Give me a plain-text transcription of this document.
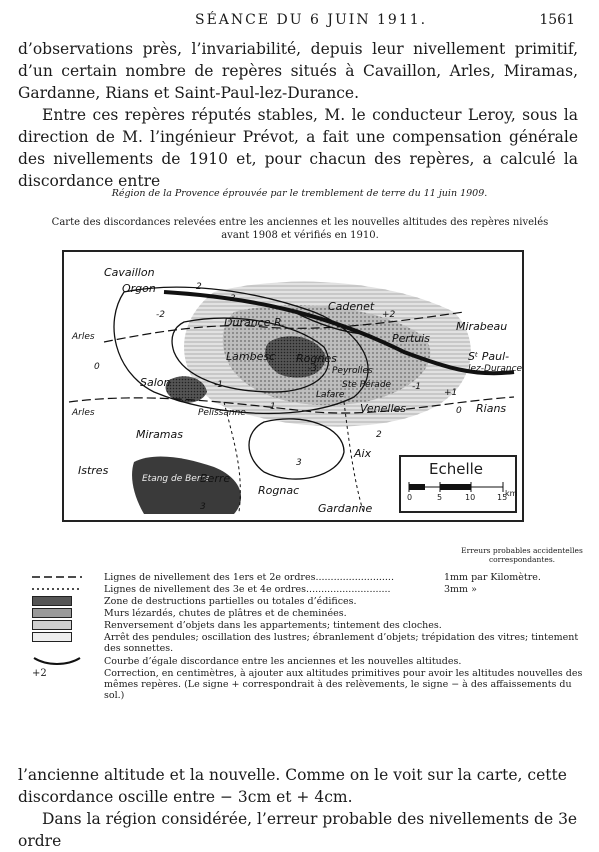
SÉANCE DU 6 JUIN 1911.	1561

d’observations près, l’invariabilité, depuis leur nivellement primitif, d’un certain nombre de repères situés à Cavaillon, Arles, Miramas, Gardanne, Rians et Saint-Paul-lez-Durance.

Entre ces repères réputés stables, M. le conducteur Leroy, sous la direction de M. l’ingénieur Prévot, a fait une compensation générale des nivellements de 1910 et, pour chacun des repères, a calculé la discordance entre

Région de la Provence éprouvée par le tremblement de terre du 11 juin 1909.
Carte des discordances relevées entre les anciennes et les nouvelles altitudes des repères nivelés avant 1908 et vérifiés en 1910.
Cavaillon
Orgon
Cadenet
Mirabeau
Pertuis
Durance R.
Arles
Lambesc Rognes
Peyrolles
Sᵗ Paul-
lez-Durance
Salon	Ste Pérade
Lafare
Pelissanne	Venelles	Rians
Arles
Miramas
Aix
Istres
Etang de Berre
Berre
Rognac
Gardanne
2
3
-2	+2
0
-1
+1
3
-3
2
-1
1	0
3
Echelle
0	5	10	15
km
Erreurs probables accidentelles correspondantes.
Lignes de nivellement des 1ers et 2e ordres..........................	1mm par Kilomètre.
Lignes de nivellement des 3e et 4e ordres............................	3mm »
Zone de destructions partielles ou totales d’édifices.
Murs lézardés, chutes de plâtres et de cheminées.
Renversement d’objets dans les appartements; tintement des cloches.
Arrêt des pendules; oscillation des lustres; ébranlement d’objets; trépidation des vitres; tintement des sonnettes.
Courbe d’égale discordance entre les anciennes et les nouvelles altitudes.
+2	Correction, en centimètres, à ajouter aux altitudes primitives pour avoir les altitudes nouvelles des mêmes repères. (Le signe + correspondrait à des relèvements, le signe − à des affaissements du sol.)

l’ancienne altitude et la nouvelle. Comme on le voit sur la carte, cette discordance oscille entre − 3cm et + 4cm.

Dans la région considérée, l’erreur probable des nivellements de 3e ordre
